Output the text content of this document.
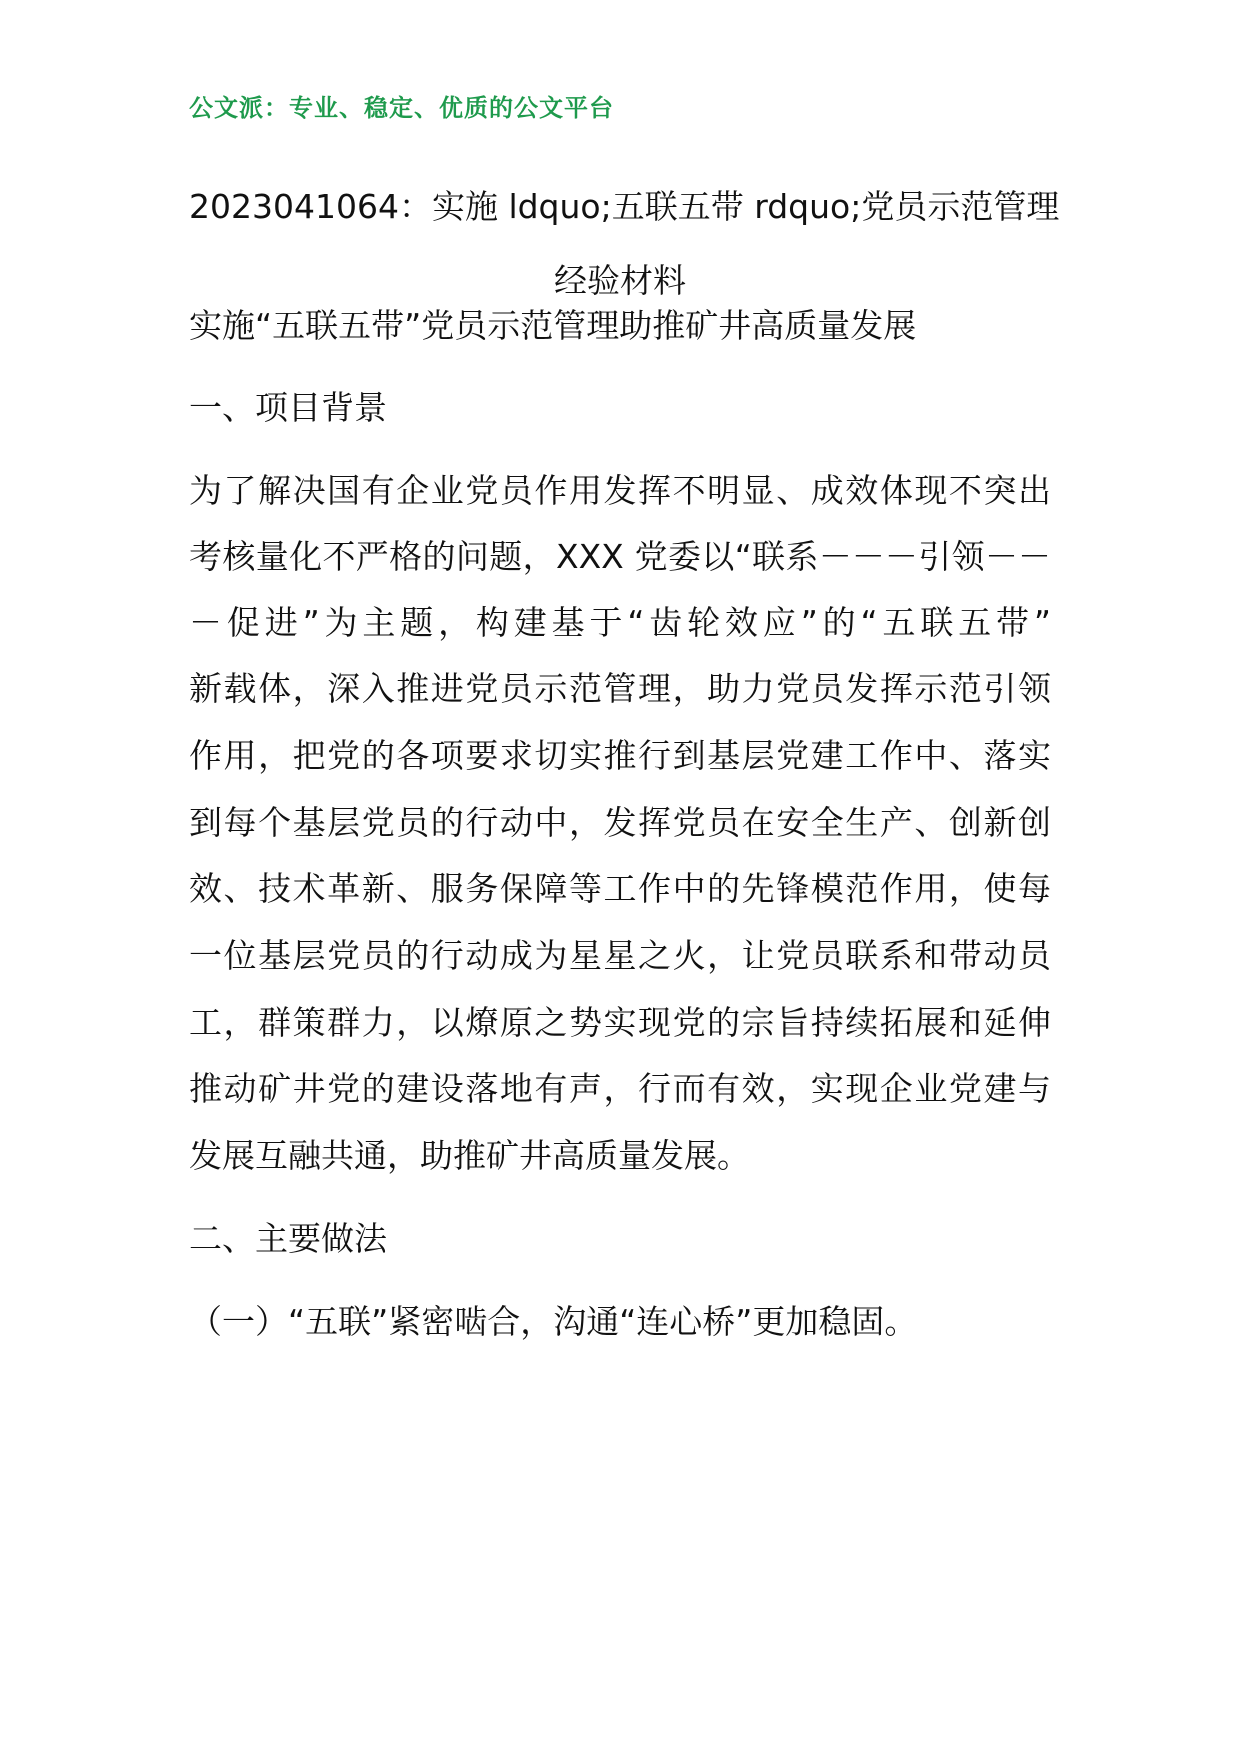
公文派：专业、稳定、优质的公文平台
2023041064：实施 ldquo;五联五带 rdquo;党员示范管理
经验材料
实施“五联五带”党员示范管理助推矿井高质量发展
一、项目背景
为了解决国有企业党员作用发挥不明显、成效体现不突出
考核量化不严格的问题，XXX 党委以“联系－－－引领－－
－促进”为主题，构建基于“齿轮效应”的“五联五带”
新载体，深入推进党员示范管理，助力党员发挥示范引领
作用，把党的各项要求切实推行到基层党建工作中、落实
到每个基层党员的行动中，发挥党员在安全生产、创新创
效、技术革新、服务保障等工作中的先锋模范作用，使每
一位基层党员的行动成为星星之火，让党员联系和带动员
工，群策群力，以燎原之势实现党的宗旨持续拓展和延伸
推动矿井党的建设落地有声，行而有效，实现企业党建与
发展互融共通，助推矿井高质量发展。
二、主要做法
（一）“五联”紧密啮合，沟通“连心桥”更加稳固。
